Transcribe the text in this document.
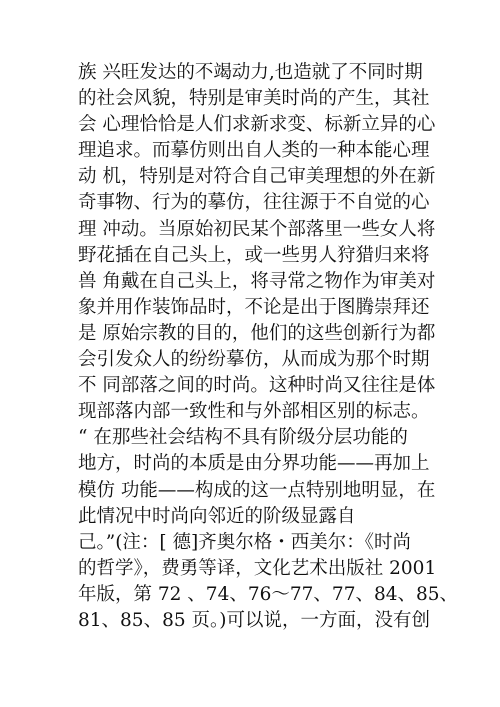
族 兴旺发达的不竭动力,也造就了不同时期
的社会风貌，特别是审美时尚的产生，其社
会 心理恰恰是人们求新求变、标新立异的心
理追求。而摹仿则出自人类的一种本能心理
动 机，特别是对符合自己审美理想的外在新
奇事物、行为的摹仿，往往源于不自觉的心
理 冲动。当原始初民某个部落里一些女人将
野花插在自己头上，或一些男人狩猎归来将
兽 角戴在自己头上，将寻常之物作为审美对
象并用作装饰品时，不论是出于图腾崇拜还
是 原始宗教的目的，他们的这些创新行为都
会引发众人的纷纷摹仿，从而成为那个时期
不 同部落之间的时尚。这种时尚又往往是体
现部落内部一致性和与外部相区别的标志。
“ 在那些社会结构不具有阶级分层功能的
地方，时尚的本质是由分界功能——再加上
模仿 功能——构成的这一点特别地明显，在
此情况中时尚向邻近的阶级显露自
己。”(注：[ 德]齐奥尔格・西美尔：《时尚
的哲学》，费勇等译，文化艺术出版社 2001
年版，第 72 、74、76～77、77、84、85、
81、85、85 页。)可以说，一方面，没有创
